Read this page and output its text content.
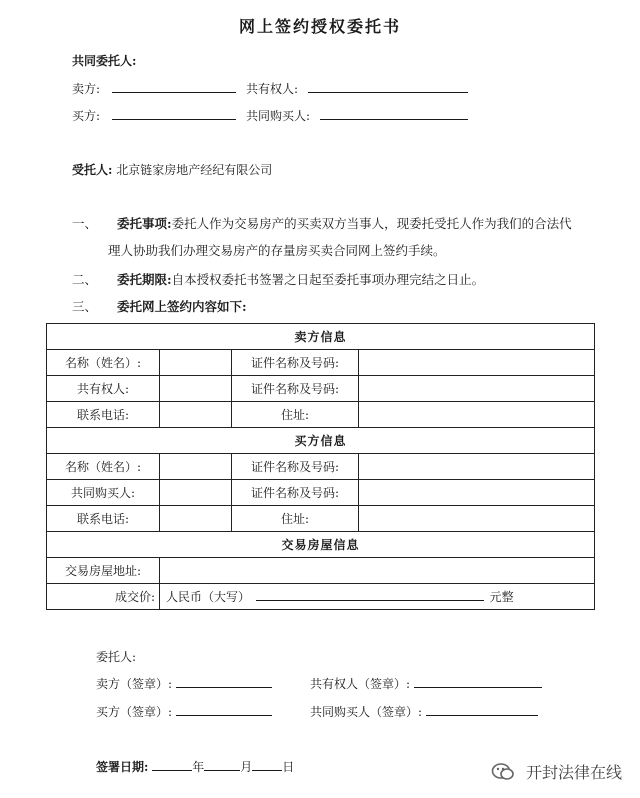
网上签约授权委托书
共同委托人:
卖方:	共有权人:
买方:	共同购买人:
受托人: 北京链家房地产经纪有限公司
一、 委托事项:委托人作为交易房产的买卖双方当事人，现委托受托人作为我们的合法代
理人协助我们办理交易房产的存量房买卖合同网上签约手续。
二、 委托期限:自本授权委托书签署之日起至委托事项办理完结之日止。
三、 委托网上签约内容如下:
卖方信息			
名称（姓名）:		证件名称及号码:	
共有权人:		证件名称及号码:	
联系电话:		住址:	
买方信息			
名称（姓名）:		证件名称及号码:	
共同购买人:		证件名称及号码:	
联系电话:		住址:	
交易房屋信息			
交易房屋地址:			
成交价:	人民币（大写） 元整		
委托人:
卖方（签章）:	共有权人（签章）:
买方（签章）:	共同购买人（签章）:
签署日期:	年	月	日	开封法律在线
